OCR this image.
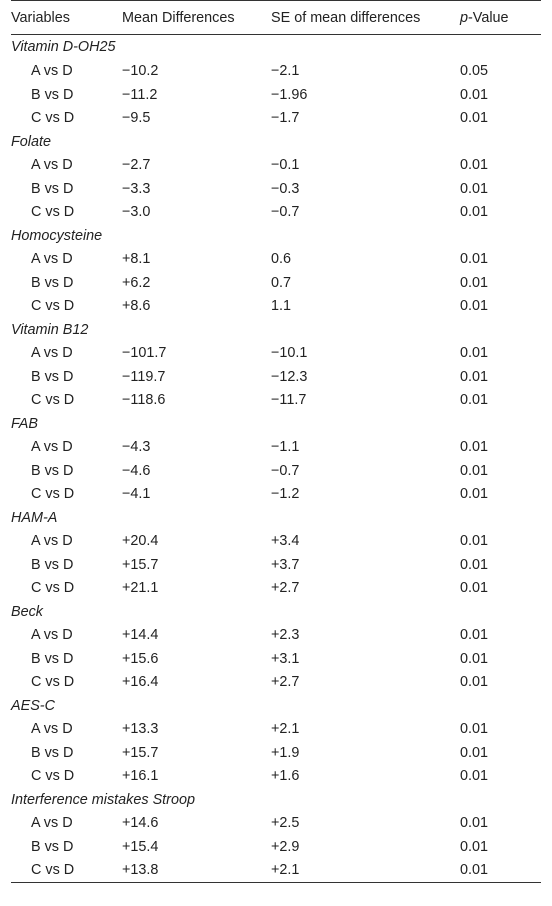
Variables	Mean Differences	SE of mean differences	p-Value
Vitamin D-OH25			
A vs D	−10.2	−2.1	0.05
B vs D	−11.2	−1.96	0.01
C vs D	−9.5	−1.7	0.01
Folate			
A vs D	−2.7	−0.1	0.01
B vs D	−3.3	−0.3	0.01
C vs D	−3.0	−0.7	0.01
Homocysteine			
A vs D	+8.1	0.6	0.01
B vs D	+6.2	0.7	0.01
C vs D	+8.6	1.1	0.01
Vitamin B12			
A vs D	−101.7	−10.1	0.01
B vs D	−119.7	−12.3	0.01
C vs D	−118.6	−11.7	0.01
FAB			
A vs D	−4.3	−1.1	0.01
B vs D	−4.6	−0.7	0.01
C vs D	−4.1	−1.2	0.01
HAM-A			
A vs D	+20.4	+3.4	0.01
B vs D	+15.7	+3.7	0.01
C vs D	+21.1	+2.7	0.01
Beck			
A vs D	+14.4	+2.3	0.01
B vs D	+15.6	+3.1	0.01
C vs D	+16.4	+2.7	0.01
AES-C			
A vs D	+13.3	+2.1	0.01
B vs D	+15.7	+1.9	0.01
C vs D	+16.1	+1.6	0.01
Interference mistakes Stroop			
A vs D	+14.6	+2.5	0.01
B vs D	+15.4	+2.9	0.01
C vs D	+13.8	+2.1	0.01
